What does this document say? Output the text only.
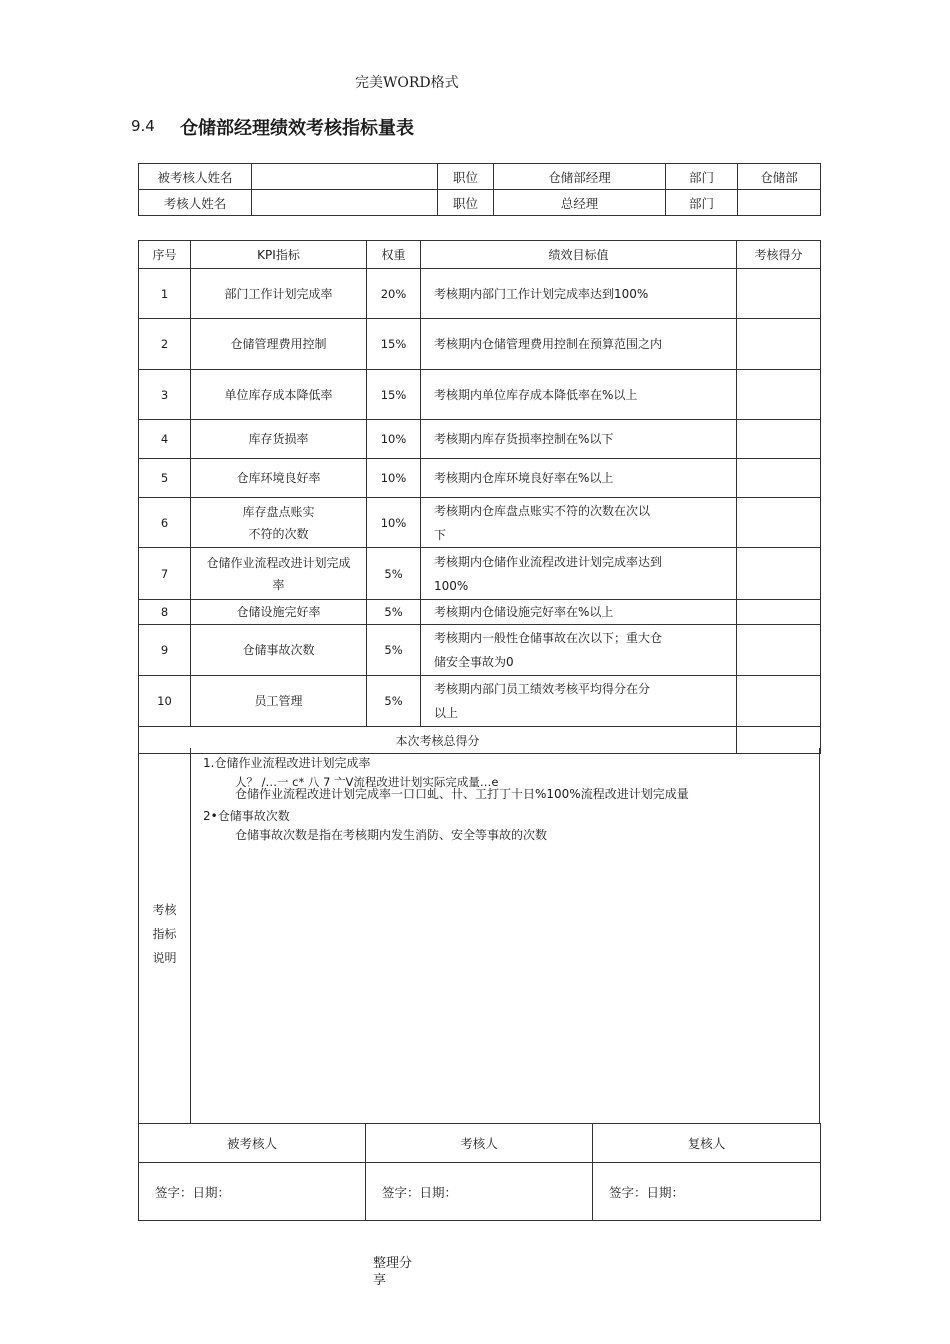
完美WORD格式
9.4 仓储部经理绩效考核指标量表
被考核人姓名		职位	仓储部经理	部门	仓储部
考核人姓名		职位	总经理	部门	
序号	KPI指标	权重	绩效目标值	考核得分
1	部门工作计划完成率	20%	考核期内部门工作计划完成率达到100%	
2	仓储管理费用控制	15%	考核期内仓储管理费用控制在预算范围之内	
3	单位库存成本降低率	15%	考核期内单位库存成本降低率在%以上	
4	库存货损率	10%	考核期内库存货损率控制在%以下	
5	仓库环境良好率	10%	考核期内仓库环境良好率在%以上	
6	库存盘点账实
不符的次数	10%	考核期内仓库盘点账实不符的次数在次以
下	
7	仓储作业流程改进计划完成
率	5%	考核期内仓储作业流程改进计划完成率达到
100%	
8	仓储设施完好率	5%	考核期内仓储设施完好率在%以上	
9	仓储事故次数	5%	考核期内一般性仓储事故在次以下；重大仓
储安全事故为0	
10	员工管理	5%	考核期内部门员工绩效考核平均得分在分
以上	
本次考核总得分				
考核
指标
说明
1.仓储作业流程改进计划完成率
人？ /…一 c* 八 7 亠V流程改进计划实际完成量…e
仓储作业流程改进计划完成率一口口虬、卄、工打丁十日%100%流程改进计划完成量
2•仓储事故次数
仓储事故次数是指在考核期内发生消防、安全等事故的次数
被考核人	考核人	复核人
签字：日期：	签字：日期：	签字：日期：
整理分享
